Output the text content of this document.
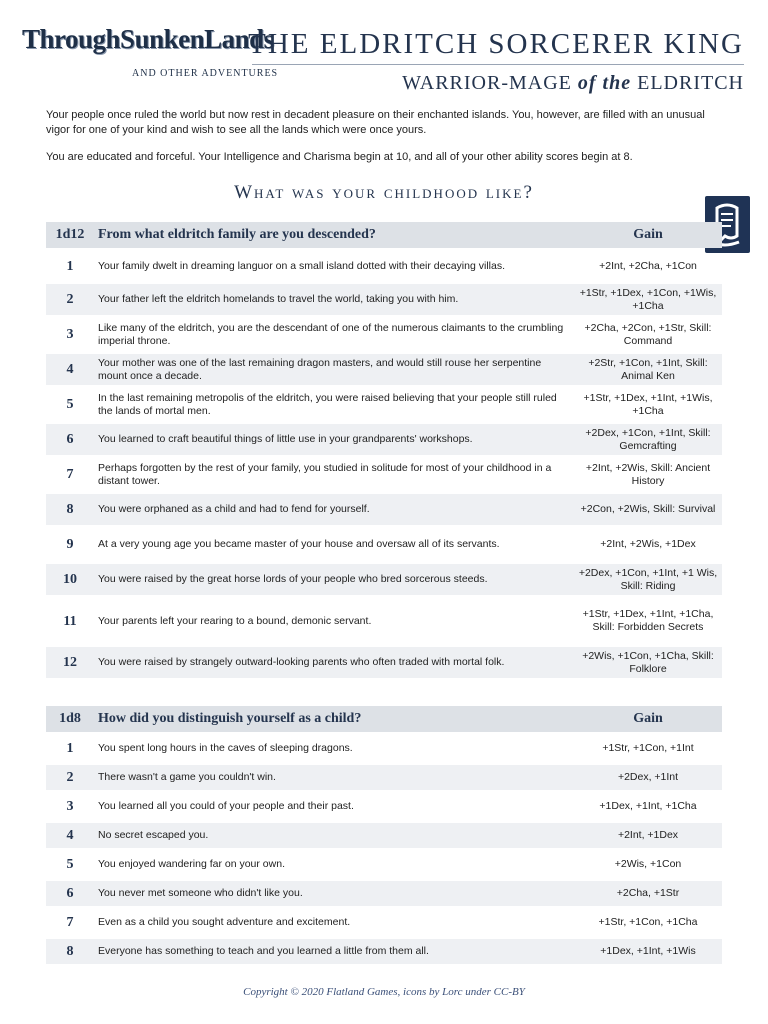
ThroughSunkenLands
AND OTHER ADVENTURES
THE ELDRITCH SORCERER KING
WARRIOR-MAGE of the ELDRITCH

Your people once ruled the world but now rest in decadent pleasure on their enchanted islands. You, however, are filled with an unusual vigor for one of your kind and wish to see all the lands which were once yours.

You are educated and forceful. Your Intelligence and Charisma begin at 10, and all of your other ability scores begin at 8.

What was your childhood like?
1d12	From what eldritch family are you descended?	Gain
1	Your family dwelt in dreaming languor on a small island dotted with their decaying villas.	+2Int, +2Cha, +1Con
2	Your father left the eldritch homelands to travel the world, taking you with him.	+1Str, +1Dex, +1Con, +1Wis, +1Cha
3	Like many of the eldritch, you are the descendant of one of the numerous claimants to the crumbling imperial throne.	+2Cha, +2Con, +1Str, Skill: Command
4	Your mother was one of the last remaining dragon masters, and would still rouse her serpentine mount once a decade.	+2Str, +1Con, +1Int, Skill: Animal Ken
5	In the last remaining metropolis of the eldritch, you were raised believing that your people still ruled the lands of mortal men.	+1Str, +1Dex, +1Int, +1Wis, +1Cha
6	You learned to craft beautiful things of little use in your grandparents' workshops.	+2Dex, +1Con, +1Int, Skill: Gemcrafting
7	Perhaps forgotten by the rest of your family, you studied in solitude for most of your childhood in a distant tower.	+2Int, +2Wis, Skill: Ancient History
8	You were orphaned as a child and had to fend for yourself.	+2Con, +2Wis, Skill: Survival
9	At a very young age you became master of your house and oversaw all of its servants.	+2Int, +2Wis, +1Dex
10	You were raised by the great horse lords of your people who bred sorcerous steeds.	+2Dex, +1Con, +1Int, +1 Wis, Skill: Riding
11	Your parents left your rearing to a bound, demonic servant.	+1Str, +1Dex, +1Int, +1Cha, Skill: Forbidden Secrets
12	You were raised by strangely outward-looking parents who often traded with mortal folk.	+2Wis, +1Con, +1Cha, Skill: Folklore
1d8	How did you distinguish yourself as a child?	Gain
1	You spent long hours in the caves of sleeping dragons.	+1Str, +1Con, +1Int
2	There wasn't a game you couldn't win.	+2Dex, +1Int
3	You learned all you could of your people and their past.	+1Dex, +1Int, +1Cha
4	No secret escaped you.	+2Int, +1Dex
5	You enjoyed wandering far on your own.	+2Wis, +1Con
6	You never met someone who didn't like you.	+2Cha, +1Str
7	Even as a child you sought adventure and excitement.	+1Str, +1Con, +1Cha
8	Everyone has something to teach and you learned a little from them all.	+1Dex, +1Int, +1Wis
Copyright © 2020 Flatland Games, icons by Lorc under CC-BY
